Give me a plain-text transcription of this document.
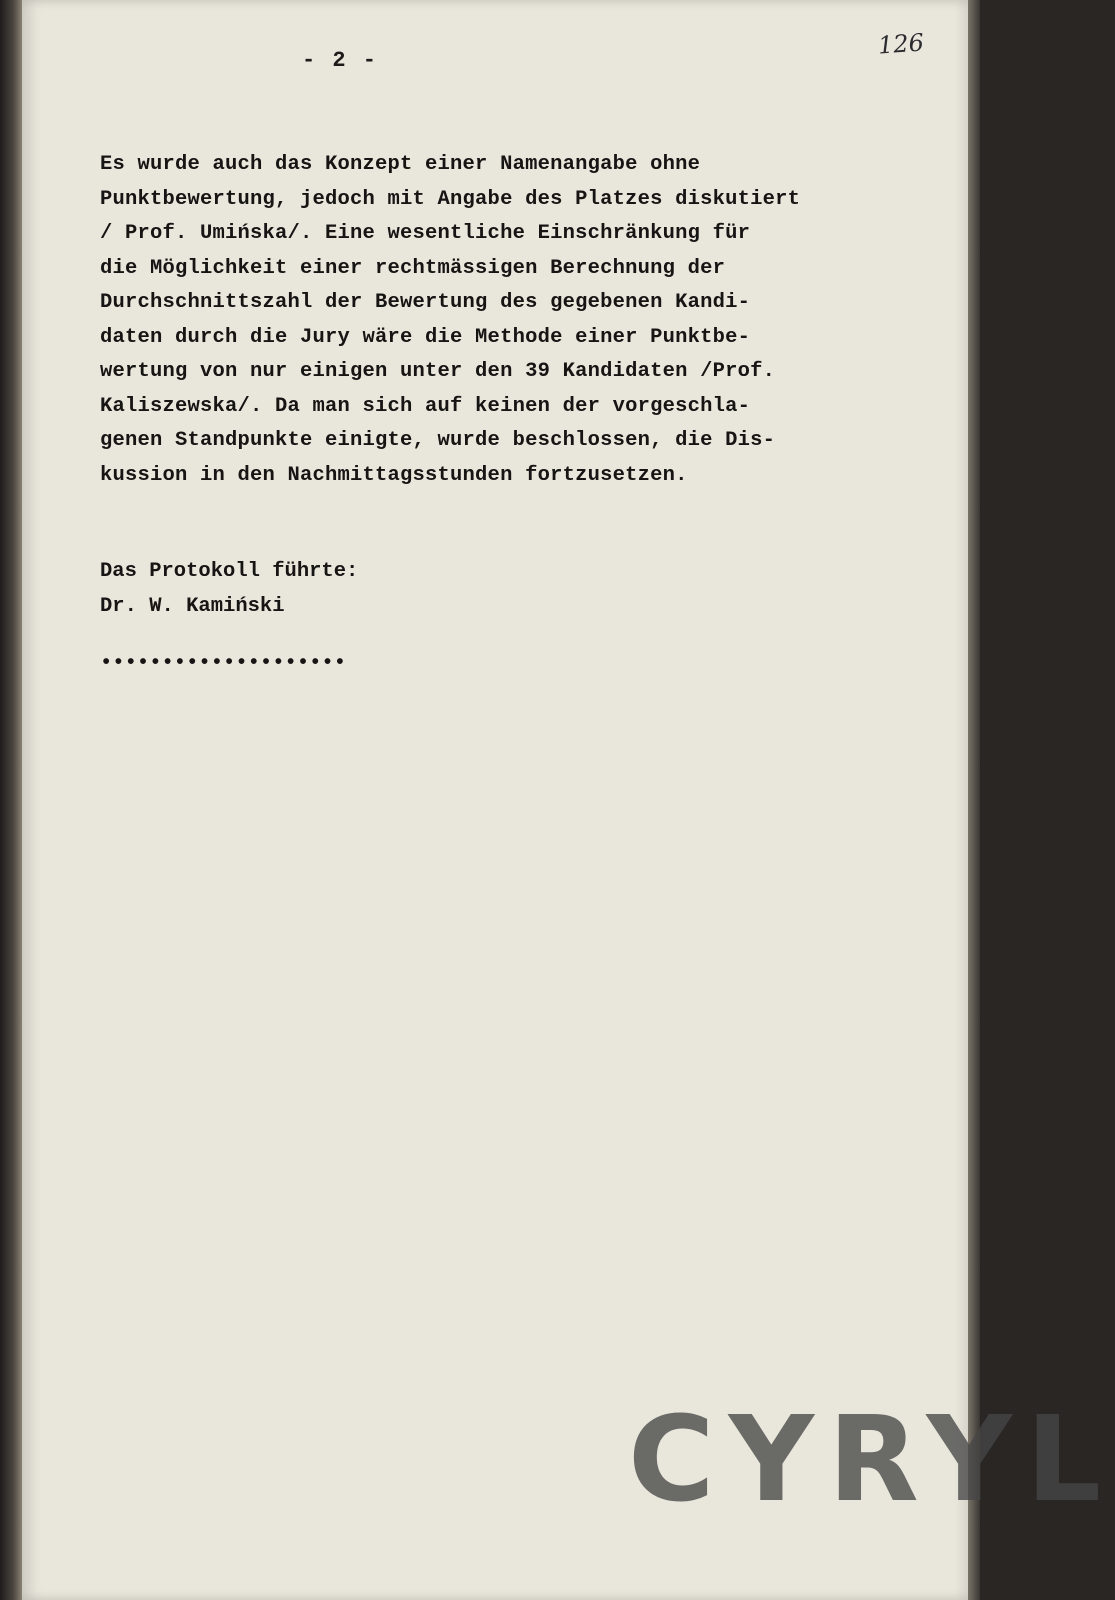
- 2 -
126

Es wurde auch das Konzept einer Namenangabe ohne

Punktbewertung, jedoch mit Angabe des Platzes diskutiert

/ Prof. Umińska/. Eine wesentliche Einschränkung für

die Möglichkeit einer rechtmässigen Berechnung der

Durchschnittszahl der Bewertung des gegebenen Kandi-

daten durch die Jury wäre die Methode einer Punktbe-

wertung von nur einigen unter den 39 Kandidaten /Prof.

Kaliszewska/. Da man sich auf keinen der vorgeschla-

genen Standpunkte einigte, wurde beschlossen, die Dis-

kussion in den Nachmittagsstunden fortzusetzen.

Das Protokoll führte:

Dr. W. Kamiński

••••••••••••••••••••
CYRYL
